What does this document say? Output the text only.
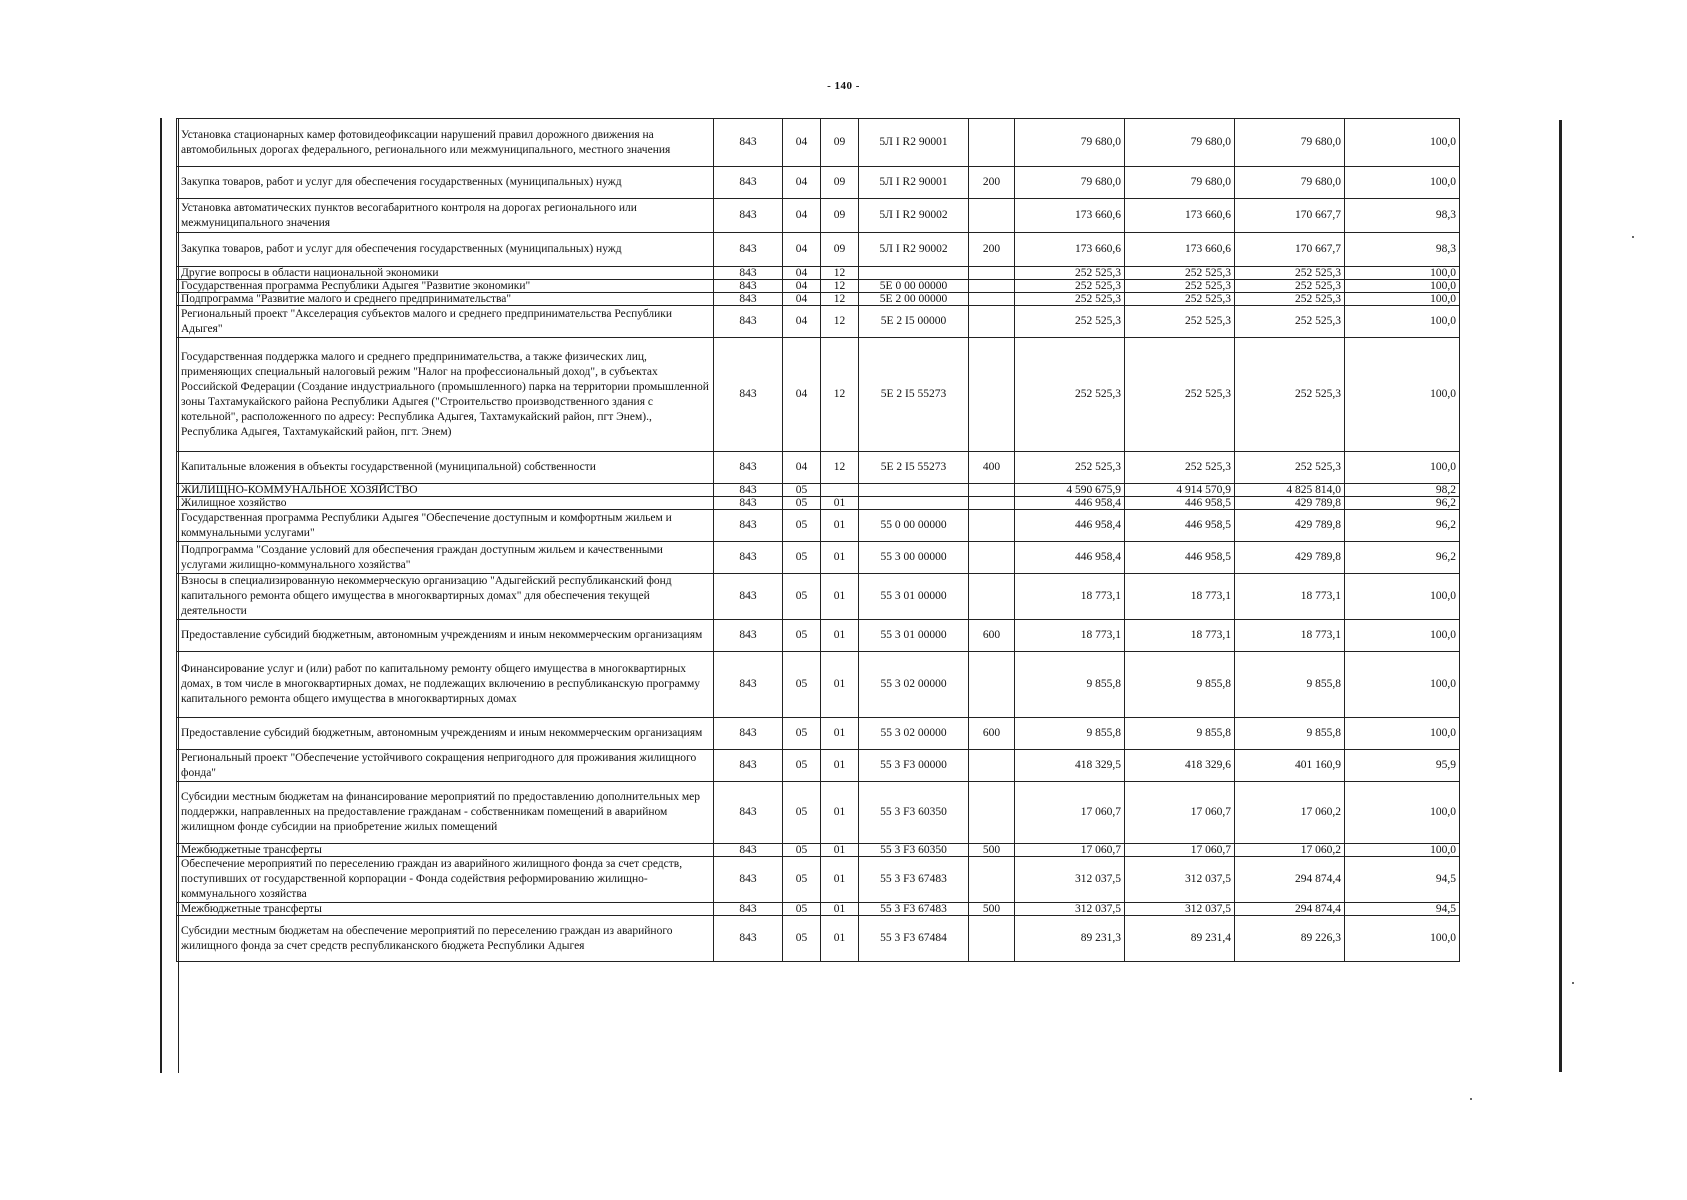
- 140 -
Установка стационарных камер фотовидеофиксации нарушений правил дорожного движения на автомобильных дорогах федерального, регионального или межмуниципального, местного значения	843	04	09	5Л I R2 90001		79 680,0	79 680,0	79 680,0	100,0
Закупка товаров, работ и услуг для обеспечения государственных (муниципальных) нужд	843	04	09	5Л I R2 90001	200	79 680,0	79 680,0	79 680,0	100,0
Установка автоматических пунктов весогабаритного контроля на дорогах регионального или межмуниципального значения	843	04	09	5Л I R2 90002		173 660,6	173 660,6	170 667,7	98,3
Закупка товаров, работ и услуг для обеспечения государственных (муниципальных) нужд	843	04	09	5Л I R2 90002	200	173 660,6	173 660,6	170 667,7	98,3
Другие вопросы в области национальной экономики	843	04	12			252 525,3	252 525,3	252 525,3	100,0
Государственная программа Республики Адыгея "Развитие экономики"	843	04	12	5Е 0 00 00000		252 525,3	252 525,3	252 525,3	100,0
Подпрограмма "Развитие малого и среднего предпринимательства"	843	04	12	5Е 2 00 00000		252 525,3	252 525,3	252 525,3	100,0
Региональный проект "Акселерация субъектов малого и среднего предпринимательства Республики Адыгея"	843	04	12	5Е 2 I5 00000		252 525,3	252 525,3	252 525,3	100,0
Государственная поддержка малого и среднего предпринимательства, а также физических лиц, применяющих специальный налоговый режим "Налог на профессиональный доход", в субъектах Российской Федерации (Создание индустриального (промышленного) парка на территории промышленной зоны Тахтамукайского района Республики Адыгея ("Строительство производственного здания с котельной", расположенного по адресу: Республика Адыгея, Тахтамукайский район, пгт Энем)., Республика Адыгея, Тахтамукайский район, пгт. Энем)	843	04	12	5Е 2 I5 55273		252 525,3	252 525,3	252 525,3	100,0
Капитальные вложения в объекты государственной (муниципальной) собственности	843	04	12	5Е 2 I5 55273	400	252 525,3	252 525,3	252 525,3	100,0
ЖИЛИЩНО-КОММУНАЛЬНОЕ ХОЗЯЙСТВО	843	05				4 590 675,9	4 914 570,9	4 825 814,0	98,2
Жилищное хозяйство	843	05	01			446 958,4	446 958,5	429 789,8	96,2
Государственная программа Республики Адыгея "Обеспечение доступным и комфортным жильем и коммунальными услугами"	843	05	01	55 0 00 00000		446 958,4	446 958,5	429 789,8	96,2
Подпрограмма "Создание условий для обеспечения граждан доступным жильем и качественными услугами жилищно-коммунального хозяйства"	843	05	01	55 3 00 00000		446 958,4	446 958,5	429 789,8	96,2
Взносы в специализированную некоммерческую организацию "Адыгейский республиканский фонд капитального ремонта общего имущества в многоквартирных домах" для обеспечения текущей деятельности	843	05	01	55 3 01 00000		18 773,1	18 773,1	18 773,1	100,0
Предоставление субсидий бюджетным, автономным учреждениям и иным некоммерческим организациям	843	05	01	55 3 01 00000	600	18 773,1	18 773,1	18 773,1	100,0
Финансирование услуг и (или) работ по капитальному ремонту общего имущества в многоквартирных домах, в том числе в многоквартирных домах, не подлежащих включению в республиканскую программу капитального ремонта общего имущества в многоквартирных домах	843	05	01	55 3 02 00000		9 855,8	9 855,8	9 855,8	100,0
Предоставление субсидий бюджетным, автономным учреждениям и иным некоммерческим организациям	843	05	01	55 3 02 00000	600	9 855,8	9 855,8	9 855,8	100,0
Региональный проект "Обеспечение устойчивого сокращения непригодного для проживания жилищного фонда"	843	05	01	55 3 F3 00000		418 329,5	418 329,6	401 160,9	95,9
Субсидии местным бюджетам на финансирование мероприятий по предоставлению дополнительных мер поддержки, направленных на предоставление гражданам - собственникам помещений в аварийном жилищном фонде субсидии на приобретение жилых помещений	843	05	01	55 3 F3 60350		17 060,7	17 060,7	17 060,2	100,0
Межбюджетные трансферты	843	05	01	55 3 F3 60350	500	17 060,7	17 060,7	17 060,2	100,0
Обеспечение мероприятий по переселению граждан из аварийного жилищного фонда за счет средств, поступивших от государственной корпорации - Фонда содействия реформированию жилищно-коммунального хозяйства	843	05	01	55 3 F3 67483		312 037,5	312 037,5	294 874,4	94,5
Межбюджетные трансферты	843	05	01	55 3 F3 67483	500	312 037,5	312 037,5	294 874,4	94,5
Субсидии местным бюджетам на обеспечение мероприятий по переселению граждан из аварийного жилищного фонда за счет средств республиканского бюджета Республики Адыгея	843	05	01	55 3 F3 67484		89 231,3	89 231,4	89 226,3	100,0
